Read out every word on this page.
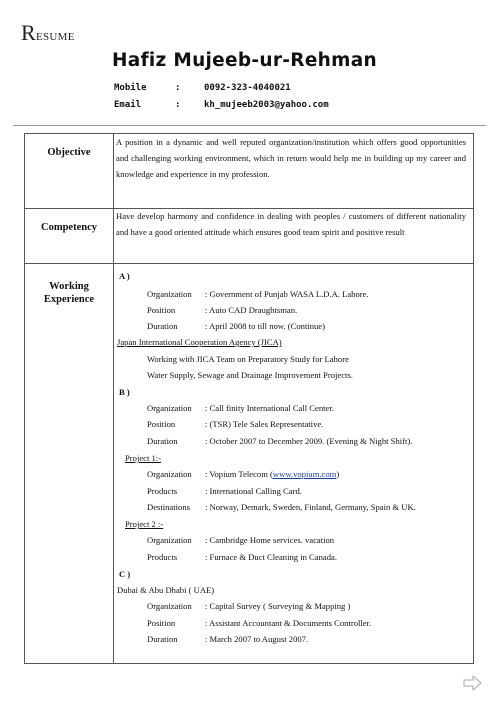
RESUME
Hafiz Mujeeb-ur-Rehman
Mobile	:	0092-323-4040021
Email	:	kh_mujeeb2003@yahoo.com
Objective
A position in a dynamic and well reputed organization/institution which offers good opportunities and challenging working environment, which in return would help me in building up my career and knowledge and experience in my profession.
Competency
Have develop harmony and confidence in dealing with peoples / customers of different nationality and have a good oriented attitude which ensures good team spirit and positive result
Working
Experience
A )
Organization : Government of Punjab WASA L.D.A. Lahore.
Position	: Auto CAD Draughtsman.
Duration	: April 2008 to till now. (Continue)
Japan International Cooperation Agency (JICA)
Working with JICA Team on Preparatory Study for Lahore
Water Supply, Sewage and Drainage Improvement Projects.
B )
Organization : Call finity International Call Center.
Position	: (TSR) Tele Sales Representative.
Duration	: October 2007 to December 2009. (Evening & Night Shift).
Project 1:-
Organization : Vopium Telecom (www.vopium.com)
Products	: International Calling Card.
Destinations : Norway, Demark, Sweden, Finland, Germany, Spain & UK.
Project 2 :-
Organization : Cambridge Home services. vacation
Products	: Furnace & Duct Cleaning in Canada.
C )
Dubai & Abu Dhabi ( UAE)
Organization : Capital Survey ( Surveying & Mapping )
Position	: Assistant Accountant & Documents Controller.
Duration	: March 2007 to August 2007.
